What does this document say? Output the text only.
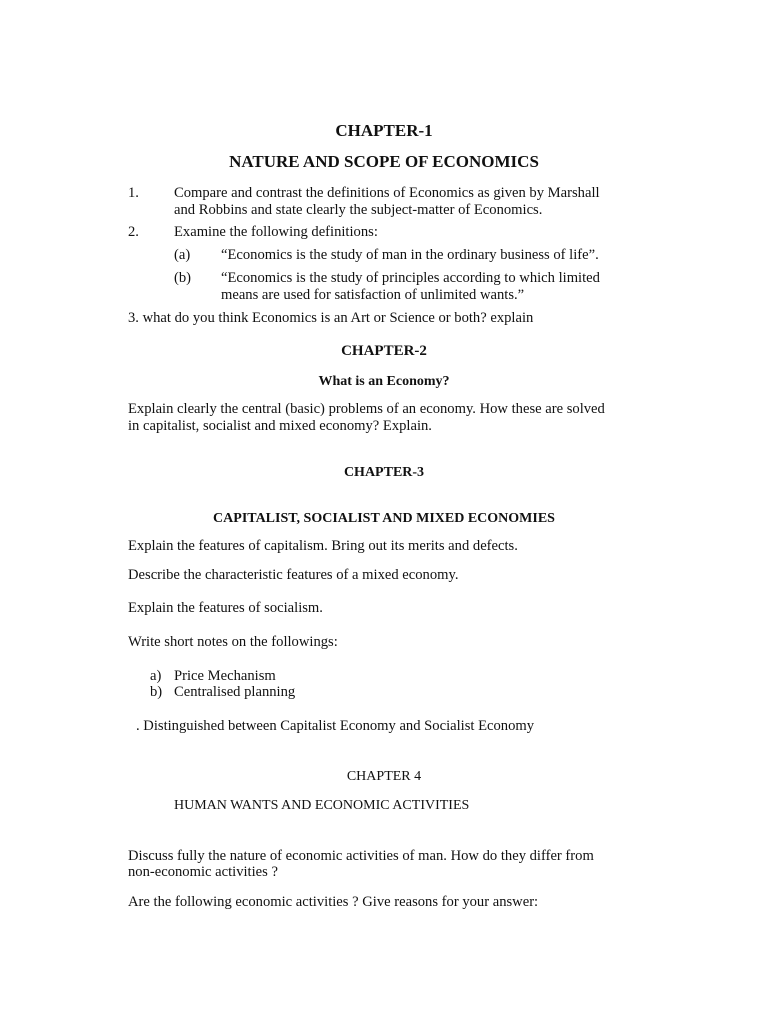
CHAPTER-1
NATURE AND SCOPE OF ECONOMICS
1. Compare and contrast the definitions of Economics as given by Marshall
and Robbins and state clearly the subject-matter of Economics.
2. Examine the following definitions:
(a) “Economics is the study of man in the ordinary business of life”.
(b) “Economics is the study of principles according to which limited
means are used for satisfaction of unlimited wants.”
3. what do you think Economics is an Art or Science or both? explain
CHAPTER-2
What is an Economy?
Explain clearly the central (basic) problems of an economy. How these are solved
in capitalist, socialist and mixed economy? Explain.
CHAPTER-3
CAPITALIST, SOCIALIST AND MIXED ECONOMIES
Explain the features of capitalism. Bring out its merits and defects.
Describe the characteristic features of a mixed economy.
Explain the features of socialism.
Write short notes on the followings:
a) Price Mechanism
b) Centralised planning
. Distinguished between Capitalist Economy and Socialist Economy
CHAPTER 4
HUMAN WANTS AND ECONOMIC ACTIVITIES
Discuss fully the nature of economic activities of man. How do they differ from
non-economic activities ?
Are the following economic activities ? Give reasons for your answer:
